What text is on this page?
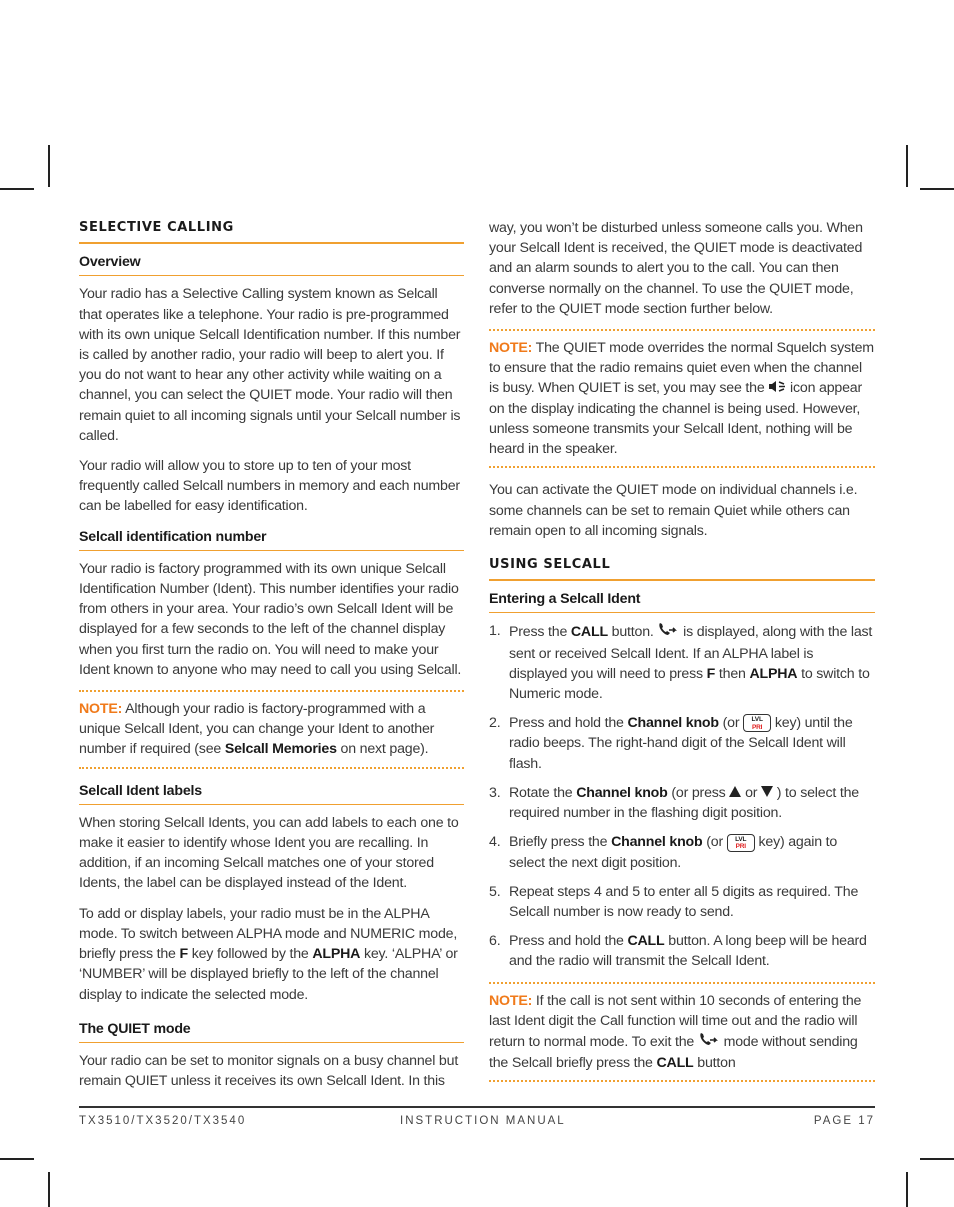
SELECTIVE CALLING
Overview

Your radio has a Selective Calling system known as Selcall that operates like a telephone. Your radio is pre-programmed with its own unique Selcall Identification number. If this number is called by another radio, your radio will beep to alert you. If you do not want to hear any other activity while waiting on a channel, you can select the QUIET mode. Your radio will then remain quiet to all incoming signals until your Selcall number is called.

Your radio will allow you to store up to ten of your most frequently called Selcall numbers in memory and each number can be labelled for easy identification.

Selcall identification number

Your radio is factory programmed with its own unique Selcall Identification Number (Ident). This number identifies your radio from others in your area. Your radio’s own Selcall Ident will be displayed for a few seconds to the left of the channel display when you first turn the radio on. You will need to make your Ident known to anyone who may need to call you using Selcall.

NOTE: Although your radio is factory-programmed with a unique Selcall Ident, you can change your Ident to another number if required (see Selcall Memories on next page).
Selcall Ident labels

When storing Selcall Idents, you can add labels to each one to make it easier to identify whose Ident you are recalling. In addition, if an incoming Selcall matches one of your stored Idents, the label can be displayed instead of the Ident.

To add or display labels, your radio must be in the ALPHA mode. To switch between ALPHA mode and NUMERIC mode, briefly press the F key followed by the ALPHA key. ‘ALPHA’ or ‘NUMBER’ will be displayed briefly to the left of the channel display to indicate the selected mode.

The QUIET mode

Your radio can be set to monitor signals on a busy channel but remain QUIET unless it receives its own Selcall Ident. In this

way, you won’t be disturbed unless someone calls you. When your Selcall Ident is received, the QUIET mode is deactivated and an alarm sounds to alert you to the call. You can then converse normally on the channel. To use the QUIET mode, refer to the QUIET mode section further below.

NOTE: The QUIET mode overrides the normal Squelch system to ensure that the radio remains quiet even when the channel is busy. When QUIET is set, you may see the icon appear on the display indicating the channel is being used. However, unless someone transmits your Selcall Ident, nothing will be heard in the speaker.

You can activate the QUIET mode on individual channels i.e. some channels can be set to remain Quiet while others can remain open to all incoming signals.

USING SELCALL
Entering a Selcall Ident
1. Press the CALL button. is displayed, along with the last sent or received Selcall Ident. If an ALPHA label is displayed you will need to press F then ALPHA to switch to Numeric mode.
2. Press and hold the Channel knob (or	LVL
PRI key) until the radio beeps. The right-hand digit of the Selcall Ident will flash.
3. Rotate the Channel knob (or press or ) to select the required number in the flashing digit position.
4. Briefly press the Channel knob (or	LVL
PRI key) again to select the next digit position.
5. Repeat steps 4 and 5 to enter all 5 digits as required. The Selcall number is now ready to send.
6. Press and hold the CALL button. A long beep will be heard and the radio will transmit the Selcall Ident.
NOTE: If the call is not sent within 10 seconds of entering the last Ident digit the Call function will time out and the radio will return to normal mode. To exit the mode without sending the Selcall briefly press the CALL button
TX3510/TX3520/TX3540	INSTRUCTION MANUAL	PAGE 17
